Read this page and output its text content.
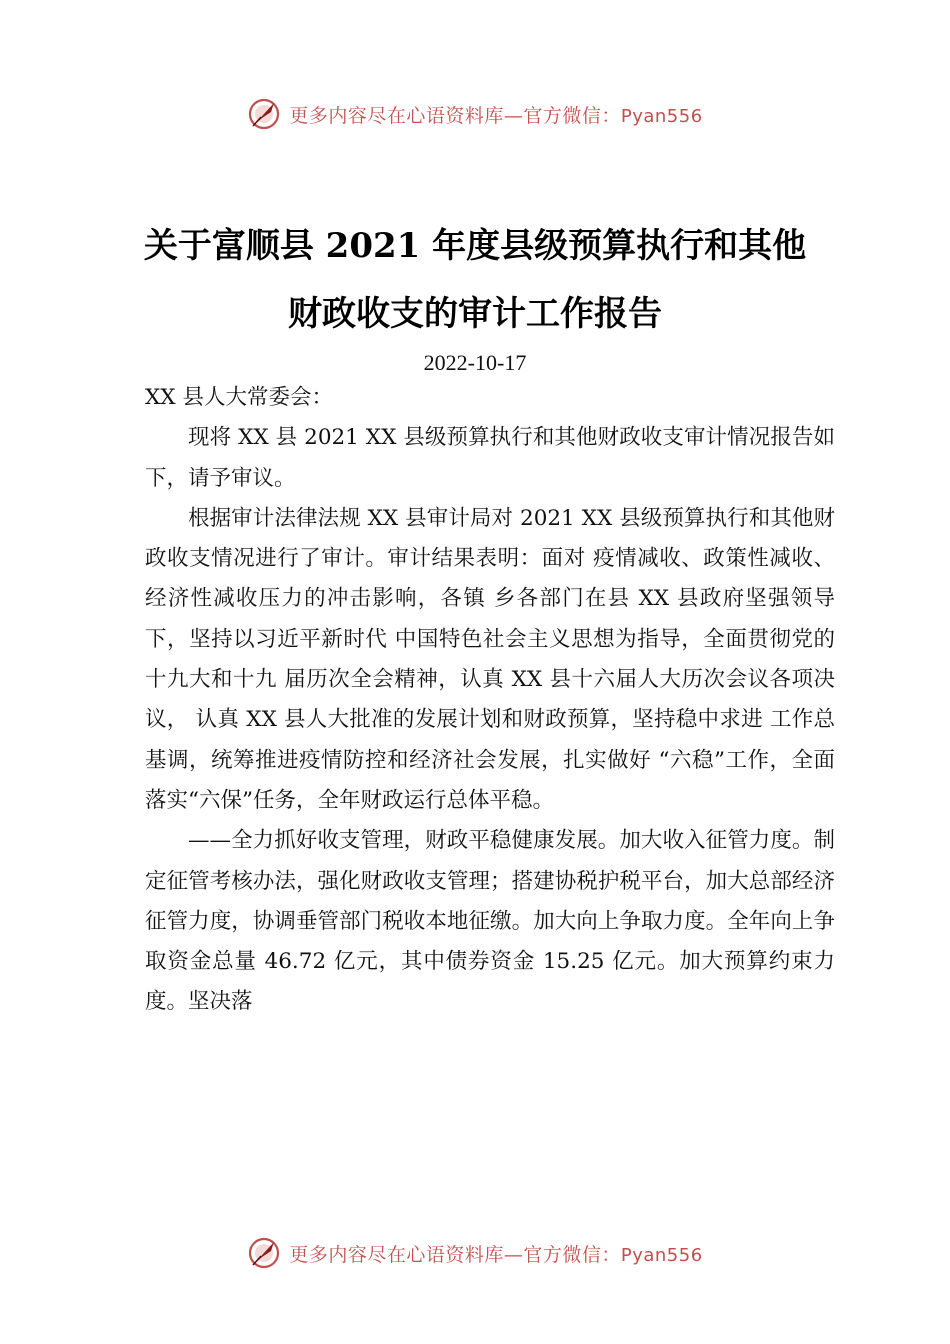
更多内容尽在心语资料库—官方微信：Pyan556
关于富顺县 2021 年度县级预算执行和其他
财政收支的审计工作报告
2022-10-17

XX 县人大常委会：

现将 XX 县 2021 XX 县级预算执行和其他财政收支审计情况报告如下，请予审议。

根据审计法律法规 XX 县审计局对 2021 XX 县级预算执行和其他财政收支情况进行了审计。审计结果表明：面对 疫情减收、政策性减收、经济性减收压力的冲击影响，各镇 乡各部门在县 XX 县政府坚强领导下，坚持以习近平新时代 中国特色社会主义思想为指导，全面贯彻党的十九大和十九 届历次全会精神，认真 XX 县十六届人大历次会议各项决议， 认真 XX 县人大批准的发展计划和财政预算，坚持稳中求进 工作总基调，统筹推进疫情防控和经济社会发展，扎实做好 “六稳”工作，全面落实“六保”任务，全年财政运行总体平稳。

——全力抓好收支管理，财政平稳健康发展。加大收入征管力度。制定征管考核办法，强化财政收支管理；搭建协税护税平台，加大总部经济征管力度，协调垂管部门税收本地征缴。加大向上争取力度。全年向上争取资金总量 46.72 亿元，其中债券资金 15.25 亿元。加大预算约束力度。坚决落

更多内容尽在心语资料库—官方微信：Pyan556
